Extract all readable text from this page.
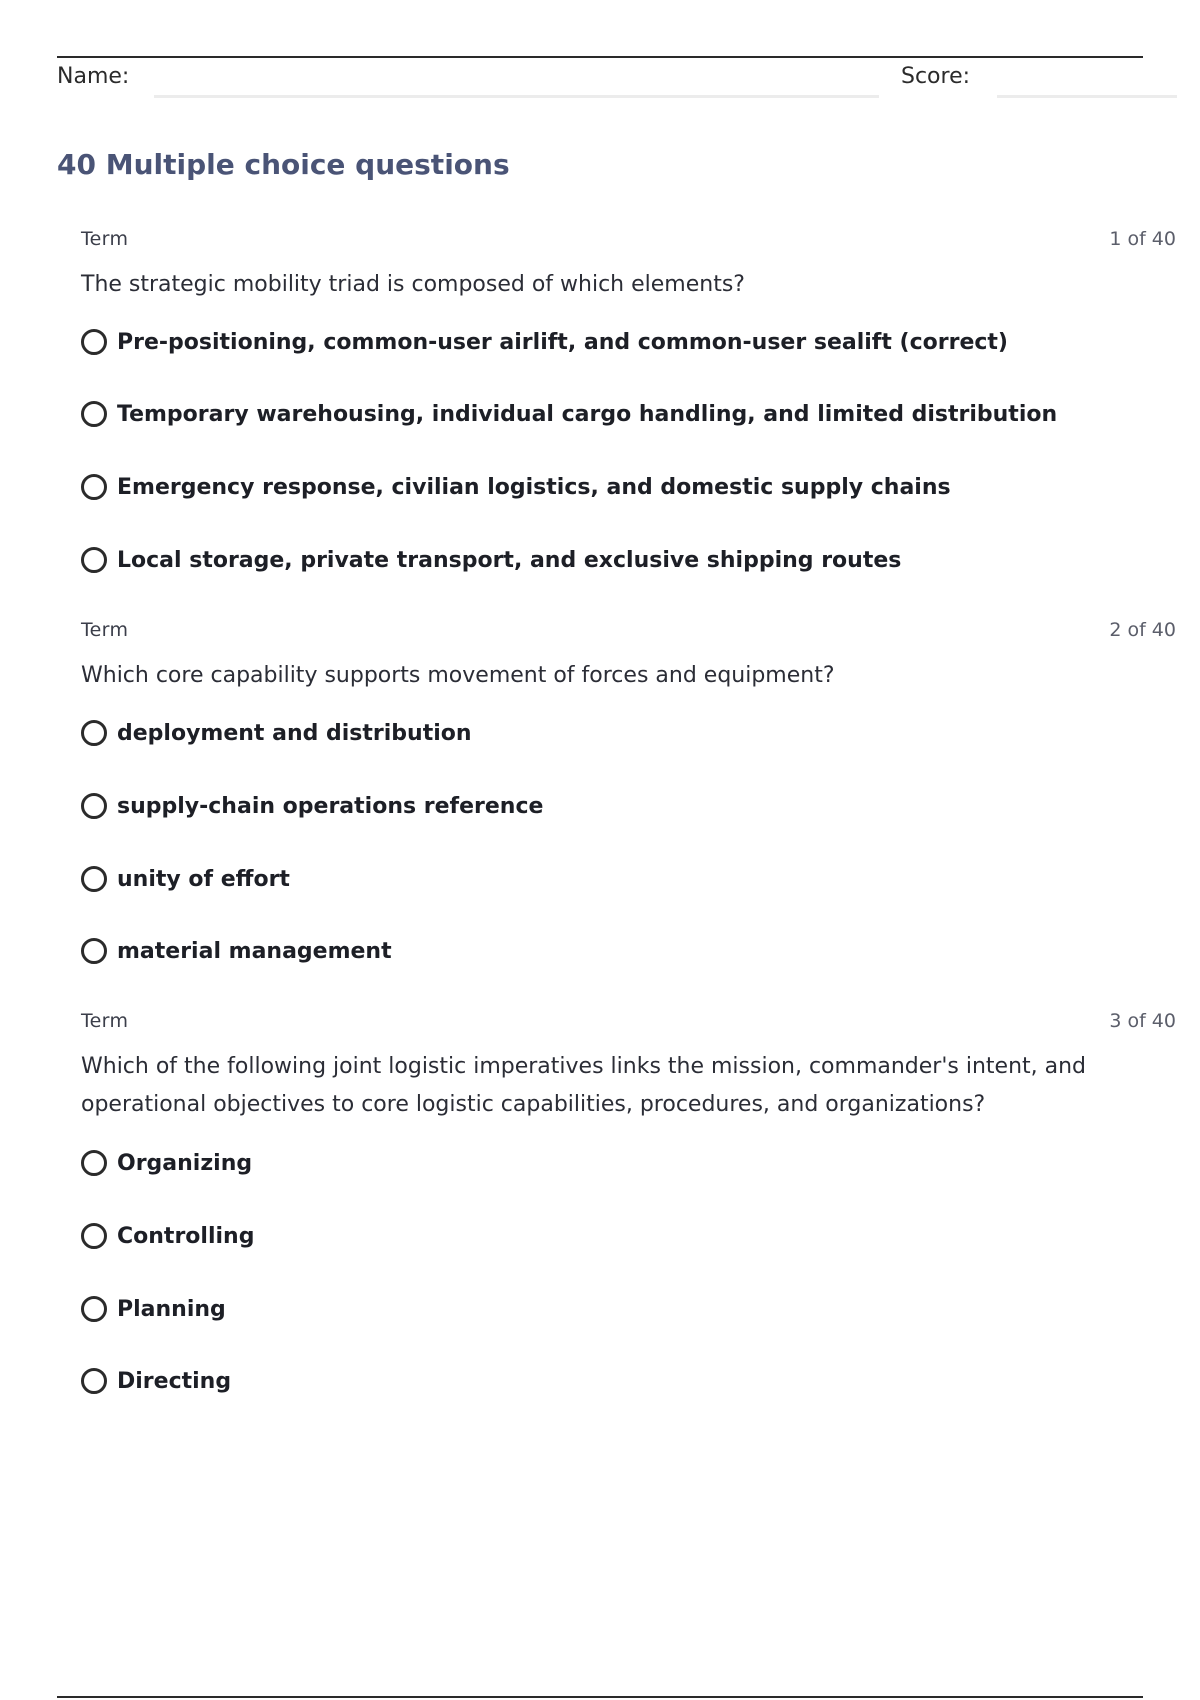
Name:	Score:
40 Multiple choice questions
Term	1 of 40
The strategic mobility triad is composed of which elements?
Pre-positioning, common-user airlift, and common-user sealift (correct)
Temporary warehousing, individual cargo handling, and limited distribution
Emergency response, civilian logistics, and domestic supply chains
Local storage, private transport, and exclusive shipping routes
Term	2 of 40
Which core capability supports movement of forces and equipment?
deployment and distribution
supply-chain operations reference
unity of effort
material management
Term	3 of 40
Which of the following joint logistic imperatives links the mission, commander's intent, and operational objectives to core logistic capabilities, procedures, and organizations?
Organizing
Controlling
Planning
Directing
